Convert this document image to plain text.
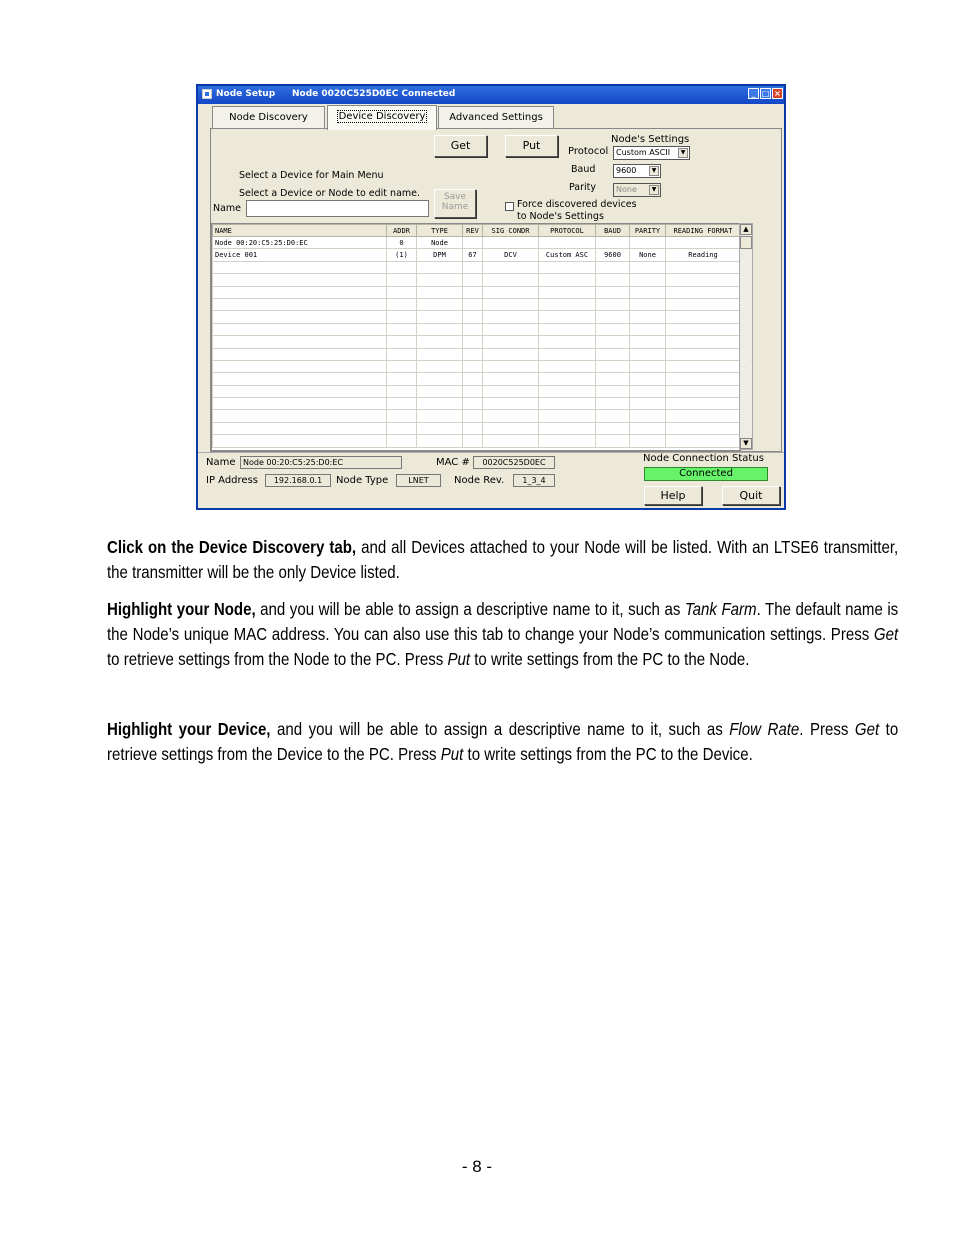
Node Setup Node 0020C525D0EC Connected	_ □ ×
Node Discovery	Advanced Settings
Get	Put	Node's Settings
Protocol Custom ASCII	▼
Baud	9600	▼
Parity	None	▼
Select a Device for Main Menu
Select a Device or Node to edit name.
Name
Save Name	Force discovered devices
to Node's Settings
Device Discovery
NAME	ADDR	TYPE	REV	SIG CONDR	PROTOCOL	BAUD	PARITY	READING FORMAT
Node 00:20:C5:25:D0:EC	0	Node						
Device 001	(1)	DPM	67	DCV	Custom ASC	9600	None	Reading

▲
▼
Name Node 00:20:C5:25:D0:EC	MAC #	0020C525D0EC
IP Address	192.168.0.1	Node Type	LNET	Node Rev.	1_3_4
Node Connection Status
Connected
Help	Quit
Click on the Device Discovery tab, and all Devices attached to your Node will be listed. With an LTSE6 transmitter, the transmitter will be the only Device listed.
Highlight your Node, and you will be able to assign a descriptive name to it, such as Tank Farm. The default name is the Node’s unique MAC address. You can also use this tab to change your Node’s communication settings. Press Get to retrieve settings from the Node to the PC. Press Put to write settings from the PC to the Node.
Highlight your Device, and you will be able to assign a descriptive name to it, such as Flow Rate. Press Get to retrieve settings from the Device to the PC. Press Put to write settings from the PC to the Device.
- 8 -
